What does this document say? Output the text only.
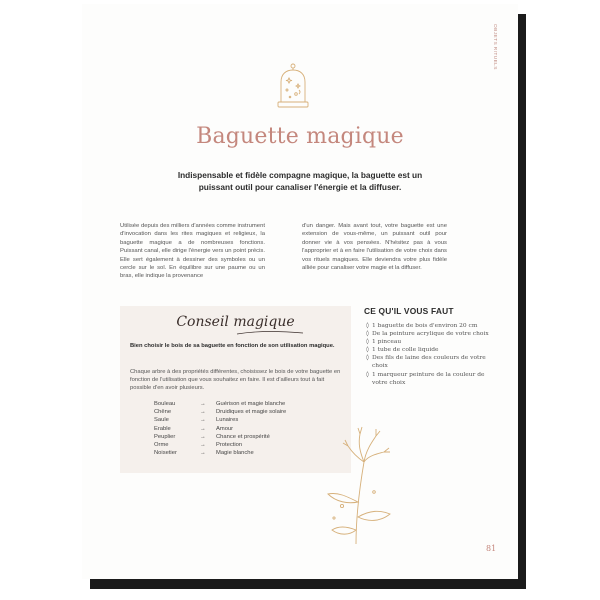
OBJETS RITUELS
Baguette magique
Indispensable et fidèle compagne magique, la baguette est un puissant outil pour canaliser l'énergie et la diffuser.
Utilisée depuis des milliers d'années comme instrument d'invocation dans les rites magiques et religieux, la baguette magique a de nombreuses fonctions. Puissant canal, elle dirige l'énergie vers un point précis. Elle sert également à dessiner des symboles ou un cercle sur le sol. En équilibre sur une paume ou un bras, elle indique la provenance
d'un danger. Mais avant tout, votre baguette est une extension de vous-même, un puissant outil pour donner vie à vos pensées. N'hésitez pas à vous l'approprier et à en faire l'utilisation de votre choix dans vos rituels magiques. Elle deviendra votre plus fidèle alliée pour canaliser votre magie et la diffuser.
Conseil magique
Bien choisir le bois de sa baguette en fonction de son utilisation magique.
Chaque arbre à des propriétés différentes, choisissez le bois de votre baguette en fonction de l'utilisation que vous souhaitez en faire. Il est d'ailleurs tout à fait possible d'en avoir plusieurs.
Bouleau	→	Guérison et magie blanche
Chêne	→	Druidiques et magie solaire
Saule	→	Lunaires
Erable	→	Amour
Peuplier	→	Chance et prospérité
Orme	→	Protection
Noisetier	→	Magie blanche
CE QU'IL VOUS FAUT
◊ 1 baguette de bois d'environ 20 cm
◊ De la peinture acrylique de votre choix
◊ 1 pinceau
◊ 1 tube de colle liquide
◊ Des fils de laine des couleurs de votre choix
◊ 1 marqueur peinture de la couleur de votre choix
81
